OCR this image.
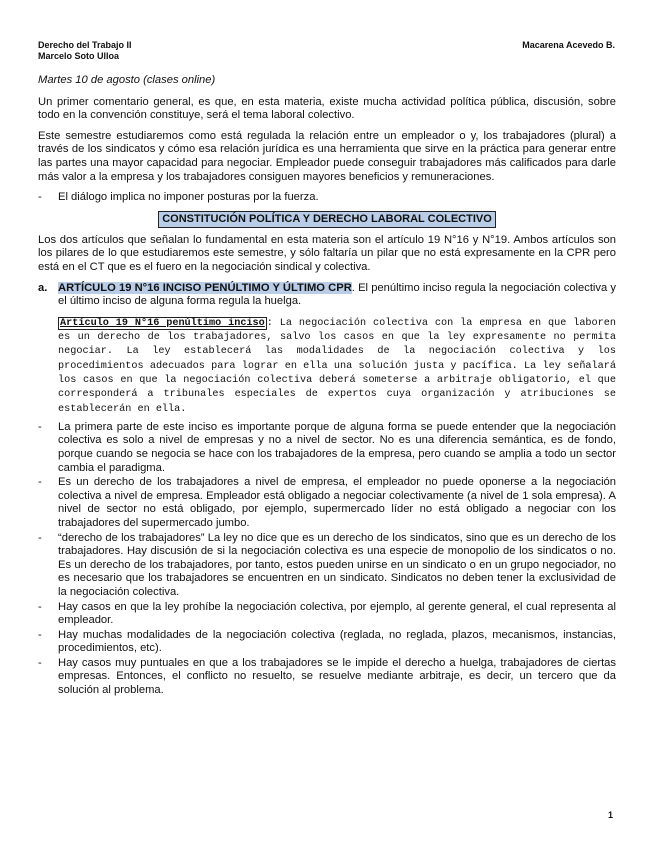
Derecho del Trabajo II
Marcelo Soto Ulloa
Macarena Acevedo B.

Martes 10 de agosto (clases online)

Un primer comentario general, es que, en esta materia, existe mucha actividad política pública, discusión, sobre todo en la convención constituye, será el tema laboral colectivo.

Este semestre estudiaremos como está regulada la relación entre un empleador o y, los trabajadores (plural) a través de los sindicatos y cómo esa relación jurídica es una herramienta que sirve en la práctica para generar entre las partes una mayor capacidad para negociar. Empleador puede conseguir trabajadores más calificados para darle más valor a la empresa y los trabajadores consiguen mayores beneficios y remuneraciones.

-	El diálogo implica no imponer posturas por la fuerza.
CONSTITUCIÓN POLÍTICA Y DERECHO LABORAL COLECTIVO

Los dos artículos que señalan lo fundamental en esta materia son el artículo 19 N°16 y N°19. Ambos artículos son los pilares de lo que estudiaremos este semestre, y sólo faltaría un pilar que no está expresamente en la CPR pero está en el CT que es el fuero en la negociación sindical y colectiva.

a. ARTÍCULO 19 N°16 INCISO PENÚLTIMO Y ÚLTIMO CPR. El penúltimo inciso regula la negociación colectiva y el último inciso de alguna forma regula la huelga.
Artículo 19 N°16 penúltimo inciso : La negociación colectiva con la empresa en que laboren es un derecho de los trabajadores, salvo los casos en que la ley expresamente no permita negociar. La ley establecerá las modalidades de la negociación colectiva y los procedimientos adecuados para lograr en ella una solución justa y pacífica. La ley señalará los casos en que la negociación colectiva deberá someterse a arbitraje obligatorio, el que corresponderá a tribunales especiales de expertos cuya organización y atribuciones se establecerán en ella.
-	La primera parte de este inciso es importante porque de alguna forma se puede entender que la negociación colectiva es solo a nivel de empresas y no a nivel de sector. No es una diferencia semántica, es de fondo, porque cuando se negocia se hace con los trabajadores de la empresa, pero cuando se amplia a todo un sector cambia el paradigma.
-	Es un derecho de los trabajadores a nivel de empresa, el empleador no puede oponerse a la negociación colectiva a nivel de empresa. Empleador está obligado a negociar colectivamente (a nivel de 1 sola empresa). A nivel de sector no está obligado, por ejemplo, supermercado líder no está obligado a negociar con los trabajadores del supermercado jumbo.
-	“derecho de los trabajadores” La ley no dice que es un derecho de los sindicatos, sino que es un derecho de los trabajadores. Hay discusión de si la negociación colectiva es una especie de monopolio de los sindicatos o no. Es un derecho de los trabajadores, por tanto, estos pueden unirse en un sindicato o en un grupo negociador, no es necesario que los trabajadores se encuentren en un sindicato. Sindicatos no deben tener la exclusividad de la negociación colectiva.
-	Hay casos en que la ley prohíbe la negociación colectiva, por ejemplo, al gerente general, el cual representa al empleador.
-	Hay muchas modalidades de la negociación colectiva (reglada, no reglada, plazos, mecanismos, instancias, procedimientos, etc).
-	Hay casos muy puntuales en que a los trabajadores se le impide el derecho a huelga, trabajadores de ciertas empresas. Entonces, el conflicto no resuelto, se resuelve mediante arbitraje, es decir, un tercero que da solución al problema.
1
